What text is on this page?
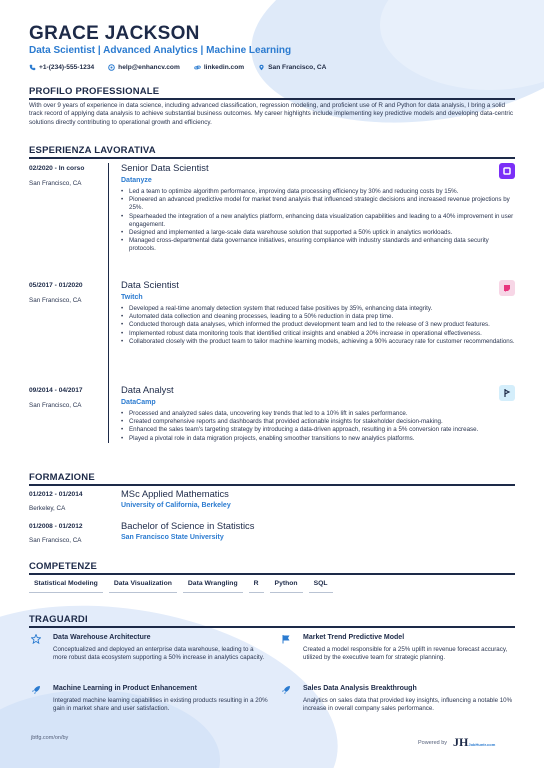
GRACE JACKSON
Data Scientist | Advanced Analytics | Machine Learning
+1-(234)-555-1234	help@enhancv.com	linkedin.com	San Francisco, CA
PROFILO PROFESSIONALE
With over 9 years of experience in data science, including advanced classification, regression modeling, and proficient use of R and Python for data analysis, I bring a solid track record of applying data analysis to achieve substantial business outcomes. My career highlights include implementing key predictive models and developing data-centric solutions directly contributing to operational growth and efficiency.
ESPERIENZA LAVORATIVA
02/2020 - In corso
San Francisco, CA
Senior Data Scientist
Datanyze
• Led a team to optimize algorithm performance, improving data processing efficiency by 30% and reducing costs by 15%.
• Pioneered an advanced predictive model for market trend analysis that influenced strategic decisions and increased revenue projections by 25%.
• Spearheaded the integration of a new analytics platform, enhancing data visualization capabilities and leading to a 40% improvement in user engagement.
• Designed and implemented a large-scale data warehouse solution that supported a 50% uptick in analytics workloads.
• Managed cross-departmental data governance initiatives, ensuring compliance with industry standards and enhancing data security protocols.
05/2017 - 01/2020
San Francisco, CA
Data Scientist
Twitch
• Developed a real-time anomaly detection system that reduced false positives by 35%, enhancing data integrity.
• Automated data collection and cleaning processes, leading to a 50% reduction in data prep time.
• Conducted thorough data analyses, which informed the product development team and led to the release of 3 new product features.
• Implemented robust data monitoring tools that identified critical insights and enabled a 20% increase in operational effectiveness.
• Collaborated closely with the product team to tailor machine learning models, achieving a 90% accuracy rate for customer recommendations.
09/2014 - 04/2017
San Francisco, CA
Data Analyst
DataCamp
• Processed and analyzed sales data, uncovering key trends that led to a 10% lift in sales performance.
• Created comprehensive reports and dashboards that provided actionable insights for stakeholder decision-making.
• Enhanced the sales team's targeting strategy by introducing a data-driven approach, resulting in a 5% conversion rate increase.
• Played a pivotal role in data migration projects, enabling smoother transitions to new analytics platforms.
FORMAZIONE
01/2012 - 01/2014
Berkeley, CA
MSc Applied Mathematics
University of California, Berkeley
01/2008 - 01/2012
San Francisco, CA
Bachelor of Science in Statistics
San Francisco State University
COMPETENZE
Statistical Modeling	Data Visualization	Data Wrangling	R	Python	SQL
TRAGUARDI
Data Warehouse Architecture
Conceptualized and deployed an enterprise data warehouse, leading to a more robust data ecosystem supporting a 50% increase in analytics capacity.
Market Trend Predictive Model
Created a model responsible for a 25% uplift in revenue forecast accuracy, utilized by the executive team for strategic planning.
Machine Learning in Product Enhancement
Integrated machine learning capabilities in existing products resulting in a 20% gain in market share and user satisfaction.
Sales Data Analysis Breakthrough
Analytics on sales data that provided key insights, influencing a notable 10% increase in overall company sales performance.
jbtfg.com/on/by
Powered by JHJobHuntr.com
